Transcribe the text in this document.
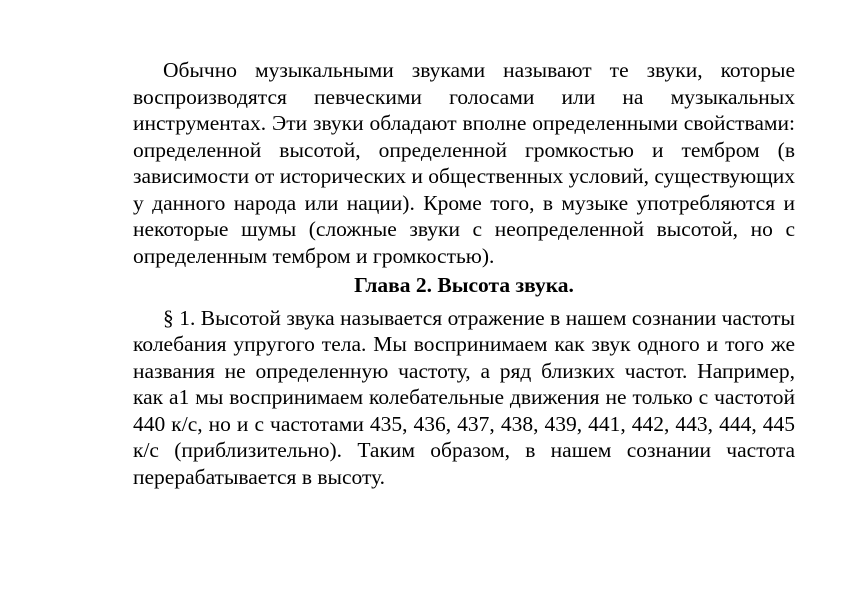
Обычно музыкальными звуками называют те звуки, которые воспроизводятся певческими голосами или на музыкальных инструментах. Эти звуки обладают вполне определенными свойствами: определенной высотой, определенной громкостью и тембром (в зависимости от исторических и общественных условий, существующих у данного народа или нации). Кроме того, в музыке употребляются и некоторые шумы (сложные звуки с неопределенной высотой, но с определенным тембром и громкостью).

Глава 2. Высота звука.

§ 1. Высотой звука называется отражение в нашем сознании частоты колебания упругого тела. Мы воспринимаем как звук одного и того же названия не определенную частоту, а ряд близких частот. Например, как а1 мы воспринимаем колебательные движения не только с частотой 440 к/с, но и с частотами 435, 436, 437, 438, 439, 441, 442, 443, 444, 445 к/с (приблизительно). Таким образом, в нашем сознании частота перерабатывается в высоту.
